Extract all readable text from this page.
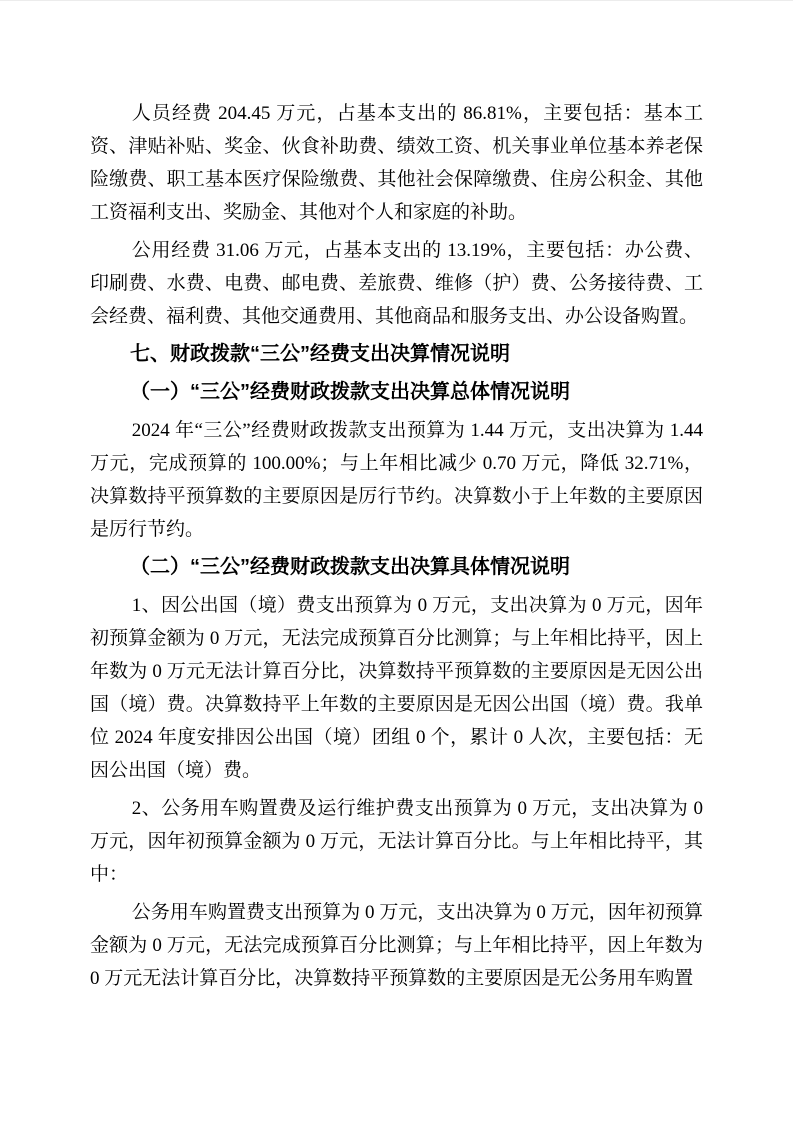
人员经费 204.45 万元，占基本支出的 86.81%，主要包括：基本工资、津贴补贴、奖金、伙食补助费、绩效工资、机关事业单位基本养老保险缴费、职工基本医疗保险缴费、其他社会保障缴费、住房公积金、其他工资福利支出、奖励金、其他对个人和家庭的补助。

公用经费 31.06 万元，占基本支出的 13.19%，主要包括：办公费、印刷费、水费、电费、邮电费、差旅费、维修（护）费、公务接待费、工会经费、福利费、其他交通费用、其他商品和服务支出、办公设备购置。

七、财政拨款“三公”经费支出决算情况说明
（一）“三公”经费财政拨款支出决算总体情况说明

2024 年“三公”经费财政拨款支出预算为 1.44 万元，支出决算为 1.44 万元，完成预算的 100.00%；与上年相比减少 0.70 万元，降低 32.71%，决算数持平预算数的主要原因是厉行节约。决算数小于上年数的主要原因是厉行节约。

（二）“三公”经费财政拨款支出决算具体情况说明

1、因公出国（境）费支出预算为 0 万元，支出决算为 0 万元，因年初预算金额为 0 万元，无法完成预算百分比测算；与上年相比持平，因上年数为 0 万元无法计算百分比，决算数持平预算数的主要原因是无因公出国（境）费。决算数持平上年数的主要原因是无因公出国（境）费。我单位 2024 年度安排因公出国（境）团组 0 个，累计 0 人次，主要包括：无因公出国（境）费。

2、公务用车购置费及运行维护费支出预算为 0 万元，支出决算为 0 万元，因年初预算金额为 0 万元，无法计算百分比。与上年相比持平，其中：

公务用车购置费支出预算为 0 万元，支出决算为 0 万元，因年初预算金额为 0 万元，无法完成预算百分比测算；与上年相比持平，因上年数为 0 万元无法计算百分比，决算数持平预算数的主要原因是无公务用车购置
